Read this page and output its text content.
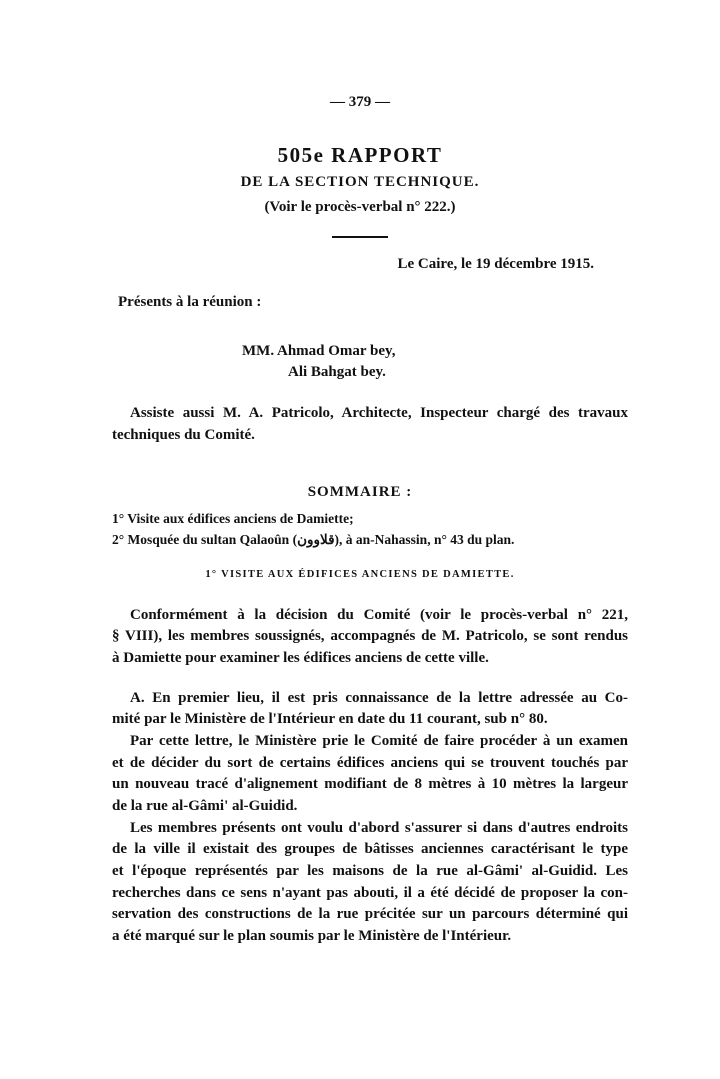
— 379 —
505e RAPPORT
DE LA SECTION TECHNIQUE.
(Voir le procès-verbal n° 222.)
Le Caire, le 19 décembre 1915.
Présents à la réunion :
MM. Ahmad Omar bey,
Ali Bahgat bey.
Assiste aussi M. A. Patricolo, Architecte, Inspecteur chargé des travaux
techniques du Comité.
SOMMAIRE :
1° Visite aux édifices anciens de Damiette;
2° Mosquée du sultan Qalaoûn (قلاوون), à an-Nahassin, n° 43 du plan.
1° VISITE AUX ÉDIFICES ANCIENS DE DAMIETTE.
Conformément à la décision du Comité (voir le procès-verbal n° 221,
§ VIII), les membres soussignés, accompagnés de M. Patricolo, se sont rendus
à Damiette pour examiner les édifices anciens de cette ville.
A. En premier lieu, il est pris connaissance de la lettre adressée au Co-
mité par le Ministère de l'Intérieur en date du 11 courant, sub n° 80.
Par cette lettre, le Ministère prie le Comité de faire procéder à un examen
et de décider du sort de certains édifices anciens qui se trouvent touchés par
un nouveau tracé d'alignement modifiant de 8 mètres à 10 mètres la largeur
de la rue al-Gâmi' al-Guidid.
Les membres présents ont voulu d'abord s'assurer si dans d'autres endroits
de la ville il existait des groupes de bâtisses anciennes caractérisant le type
et l'époque représentés par les maisons de la rue al-Gâmi' al-Guidid. Les
recherches dans ce sens n'ayant pas abouti, il a été décidé de proposer la con-
servation des constructions de la rue précitée sur un parcours déterminé qui
a été marqué sur le plan soumis par le Ministère de l'Intérieur.
